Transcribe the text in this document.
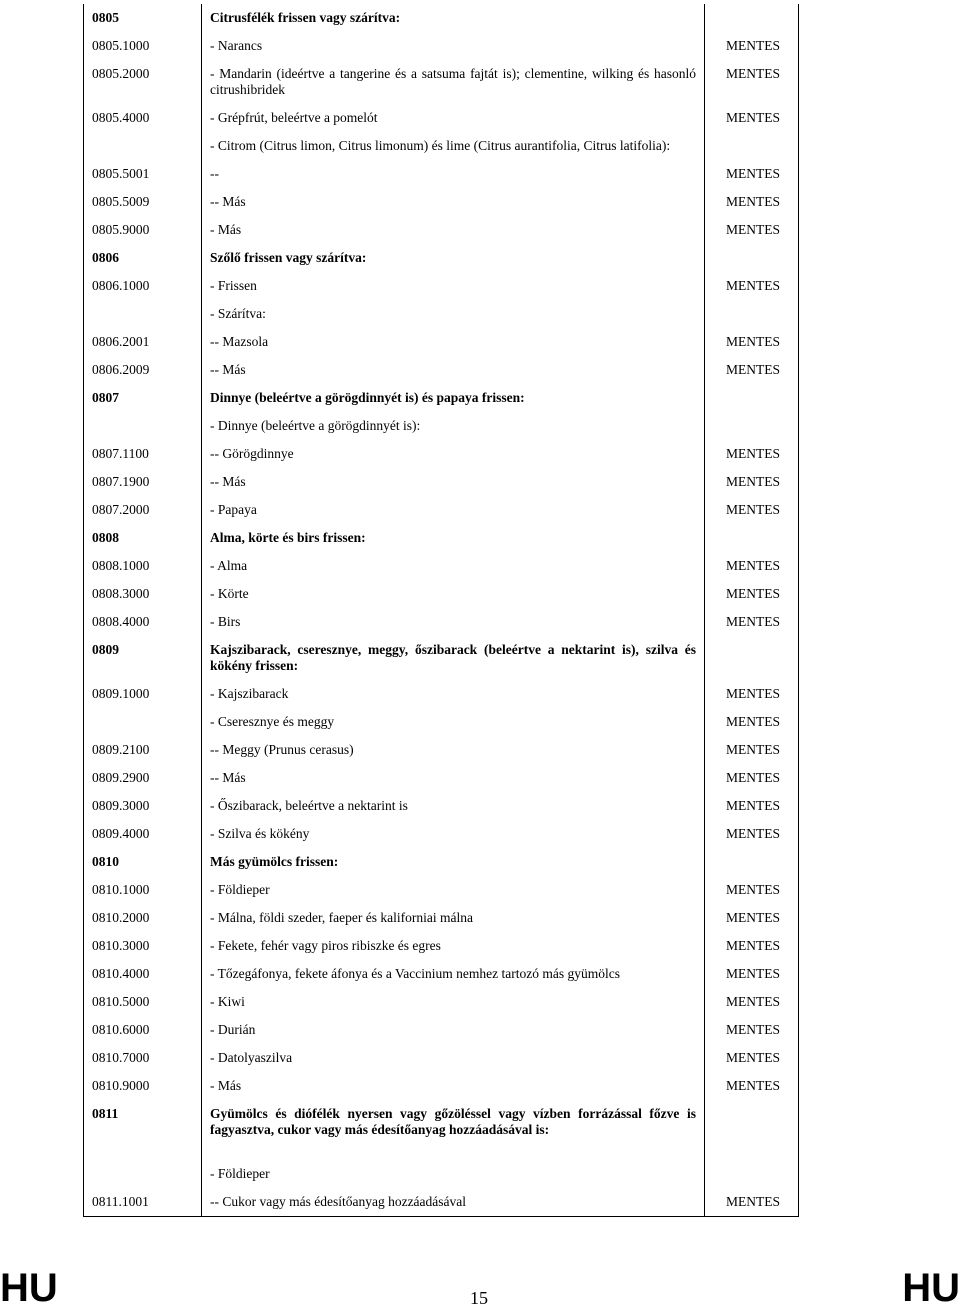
0805	Citrusfélék frissen vagy szárítva:	
0805.1000	- Narancs	MENTES
0805.2000	- Mandarin (ideértve a tangerine és a satsuma fajtát is); clementine, wilking és hasonló citrushibridek	MENTES
0805.4000	- Grépfrút, beleértve a pomelót	MENTES
	- Citrom (Citrus limon, Citrus limonum) és lime (Citrus aurantifolia, Citrus latifolia):	
0805.5001	--	MENTES
0805.5009	-- Más	MENTES
0805.9000	- Más	MENTES
0806	Szőlő frissen vagy szárítva:	
0806.1000	- Frissen	MENTES
	- Szárítva:	
0806.2001	-- Mazsola	MENTES
0806.2009	-- Más	MENTES
0807	Dinnye (beleértve a görögdinnyét is) és papaya frissen:	
	- Dinnye (beleértve a görögdinnyét is):	
0807.1100	-- Görögdinnye	MENTES
0807.1900	-- Más	MENTES
0807.2000	- Papaya	MENTES
0808	Alma, körte és birs frissen:	
0808.1000	- Alma	MENTES
0808.3000	- Körte	MENTES
0808.4000	- Birs	MENTES
0809	Kajszibarack, cseresznye, meggy, őszibarack (beleértve a nektarint is), szilva és kökény frissen:	
0809.1000	- Kajszibarack	MENTES
	- Cseresznye és meggy	MENTES
0809.2100	-- Meggy (Prunus cerasus)	MENTES
0809.2900	-- Más	MENTES
0809.3000	- Őszibarack, beleértve a nektarint is	MENTES
0809.4000	- Szilva és kökény	MENTES
0810	Más gyümölcs frissen:	
0810.1000	- Földieper	MENTES
0810.2000	- Málna, földi szeder, faeper és kaliforniai málna	MENTES
0810.3000	- Fekete, fehér vagy piros ribiszke és egres	MENTES
0810.4000	- Tőzegáfonya, fekete áfonya és a Vaccinium nemhez tartozó más gyümölcs	MENTES
0810.5000	- Kiwi	MENTES
0810.6000	- Durián	MENTES
0810.7000	- Datolyaszilva	MENTES
0810.9000	- Más	MENTES
0811	Gyümölcs és diófélék nyersen vagy gőzöléssel vagy vízben forrázással főzve is fagyasztva, cukor vagy más édesítőanyag hozzáadásával is:	
	- Földieper	
0811.1001	-- Cukor vagy más édesítőanyag hozzáadásával	MENTES
HU	15	HU
